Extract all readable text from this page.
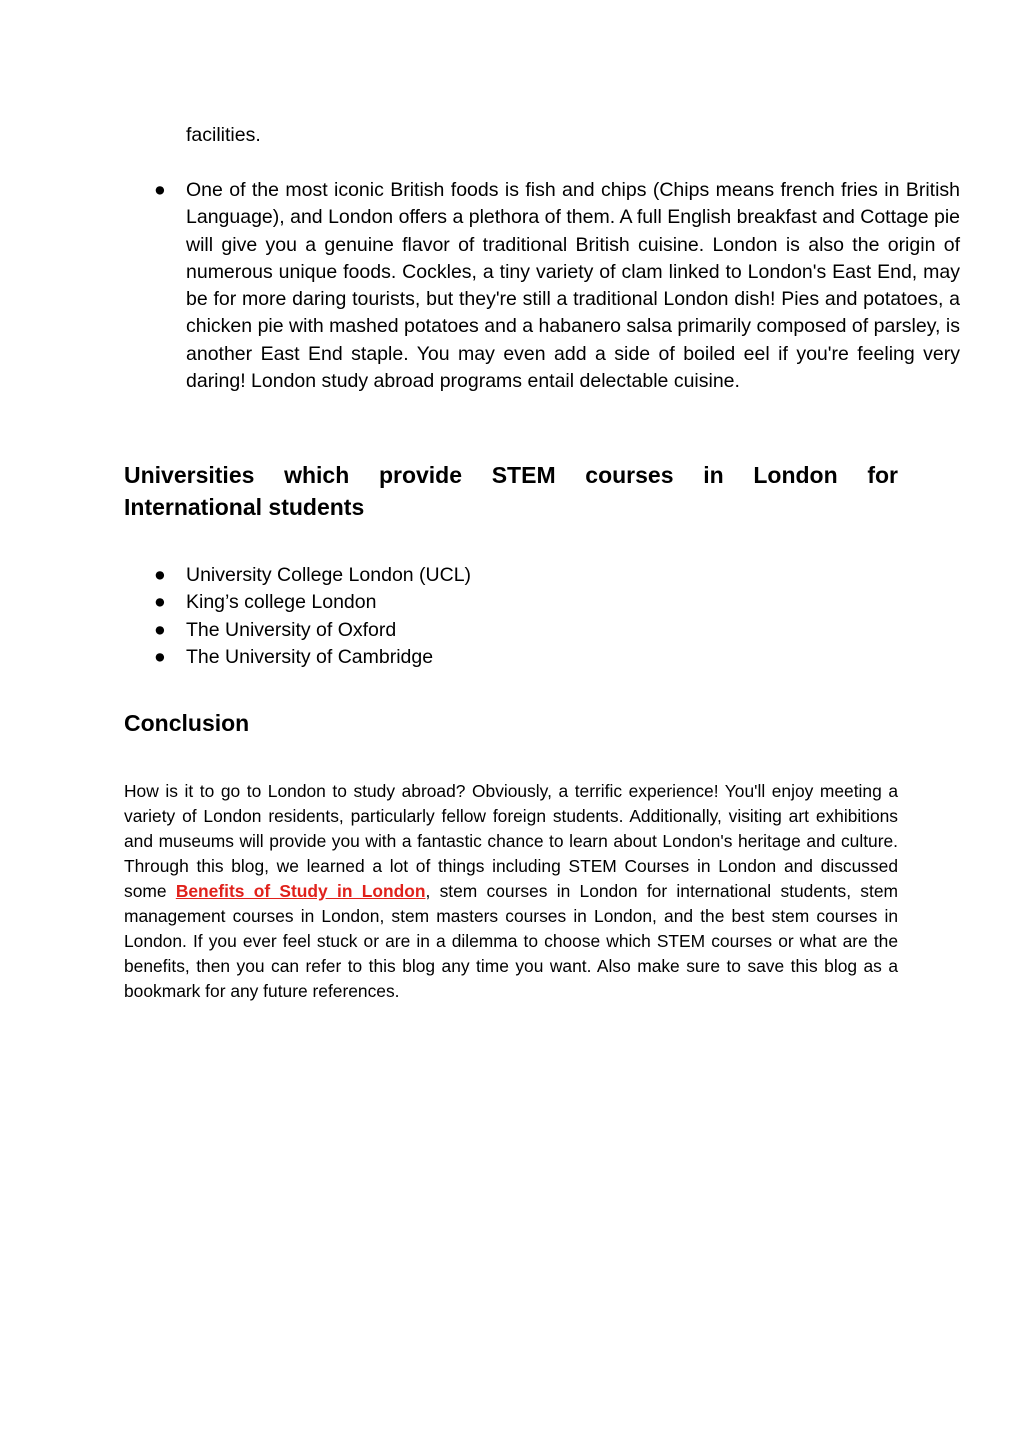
facilities.
● One of the most iconic British foods is fish and chips (Chips means french fries in British Language), and London offers a plethora of them. A full English breakfast and Cottage pie will give you a genuine flavor of traditional British cuisine. London is also the origin of numerous unique foods. Cockles, a tiny variety of clam linked to London's East End, may be for more daring tourists, but they're still a traditional London dish! Pies and potatoes, a chicken pie with mashed potatoes and a habanero salsa primarily composed of parsley, is another East End staple. You may even add a side of boiled eel if you're feeling very daring! London study abroad programs entail delectable cuisine.
Universities which provide STEM courses in London for
International students
● University College London (UCL)
● King’s college London
● The University of Oxford
● The University of Cambridge
Conclusion

How is it to go to London to study abroad? Obviously, a terrific experience! You'll enjoy meeting a variety of London residents, particularly fellow foreign students. Additionally, visiting art exhibitions and museums will provide you with a fantastic chance to learn about London's heritage and culture. Through this blog, we learned a lot of things including STEM Courses in London and discussed some Benefits of Study in London, stem courses in London for international students, stem management courses in London, stem masters courses in London, and the best stem courses in London. If you ever feel stuck or are in a dilemma to choose which STEM courses or what are the benefits, then you can refer to this blog any time you want. Also make sure to save this blog as a bookmark for any future references.
